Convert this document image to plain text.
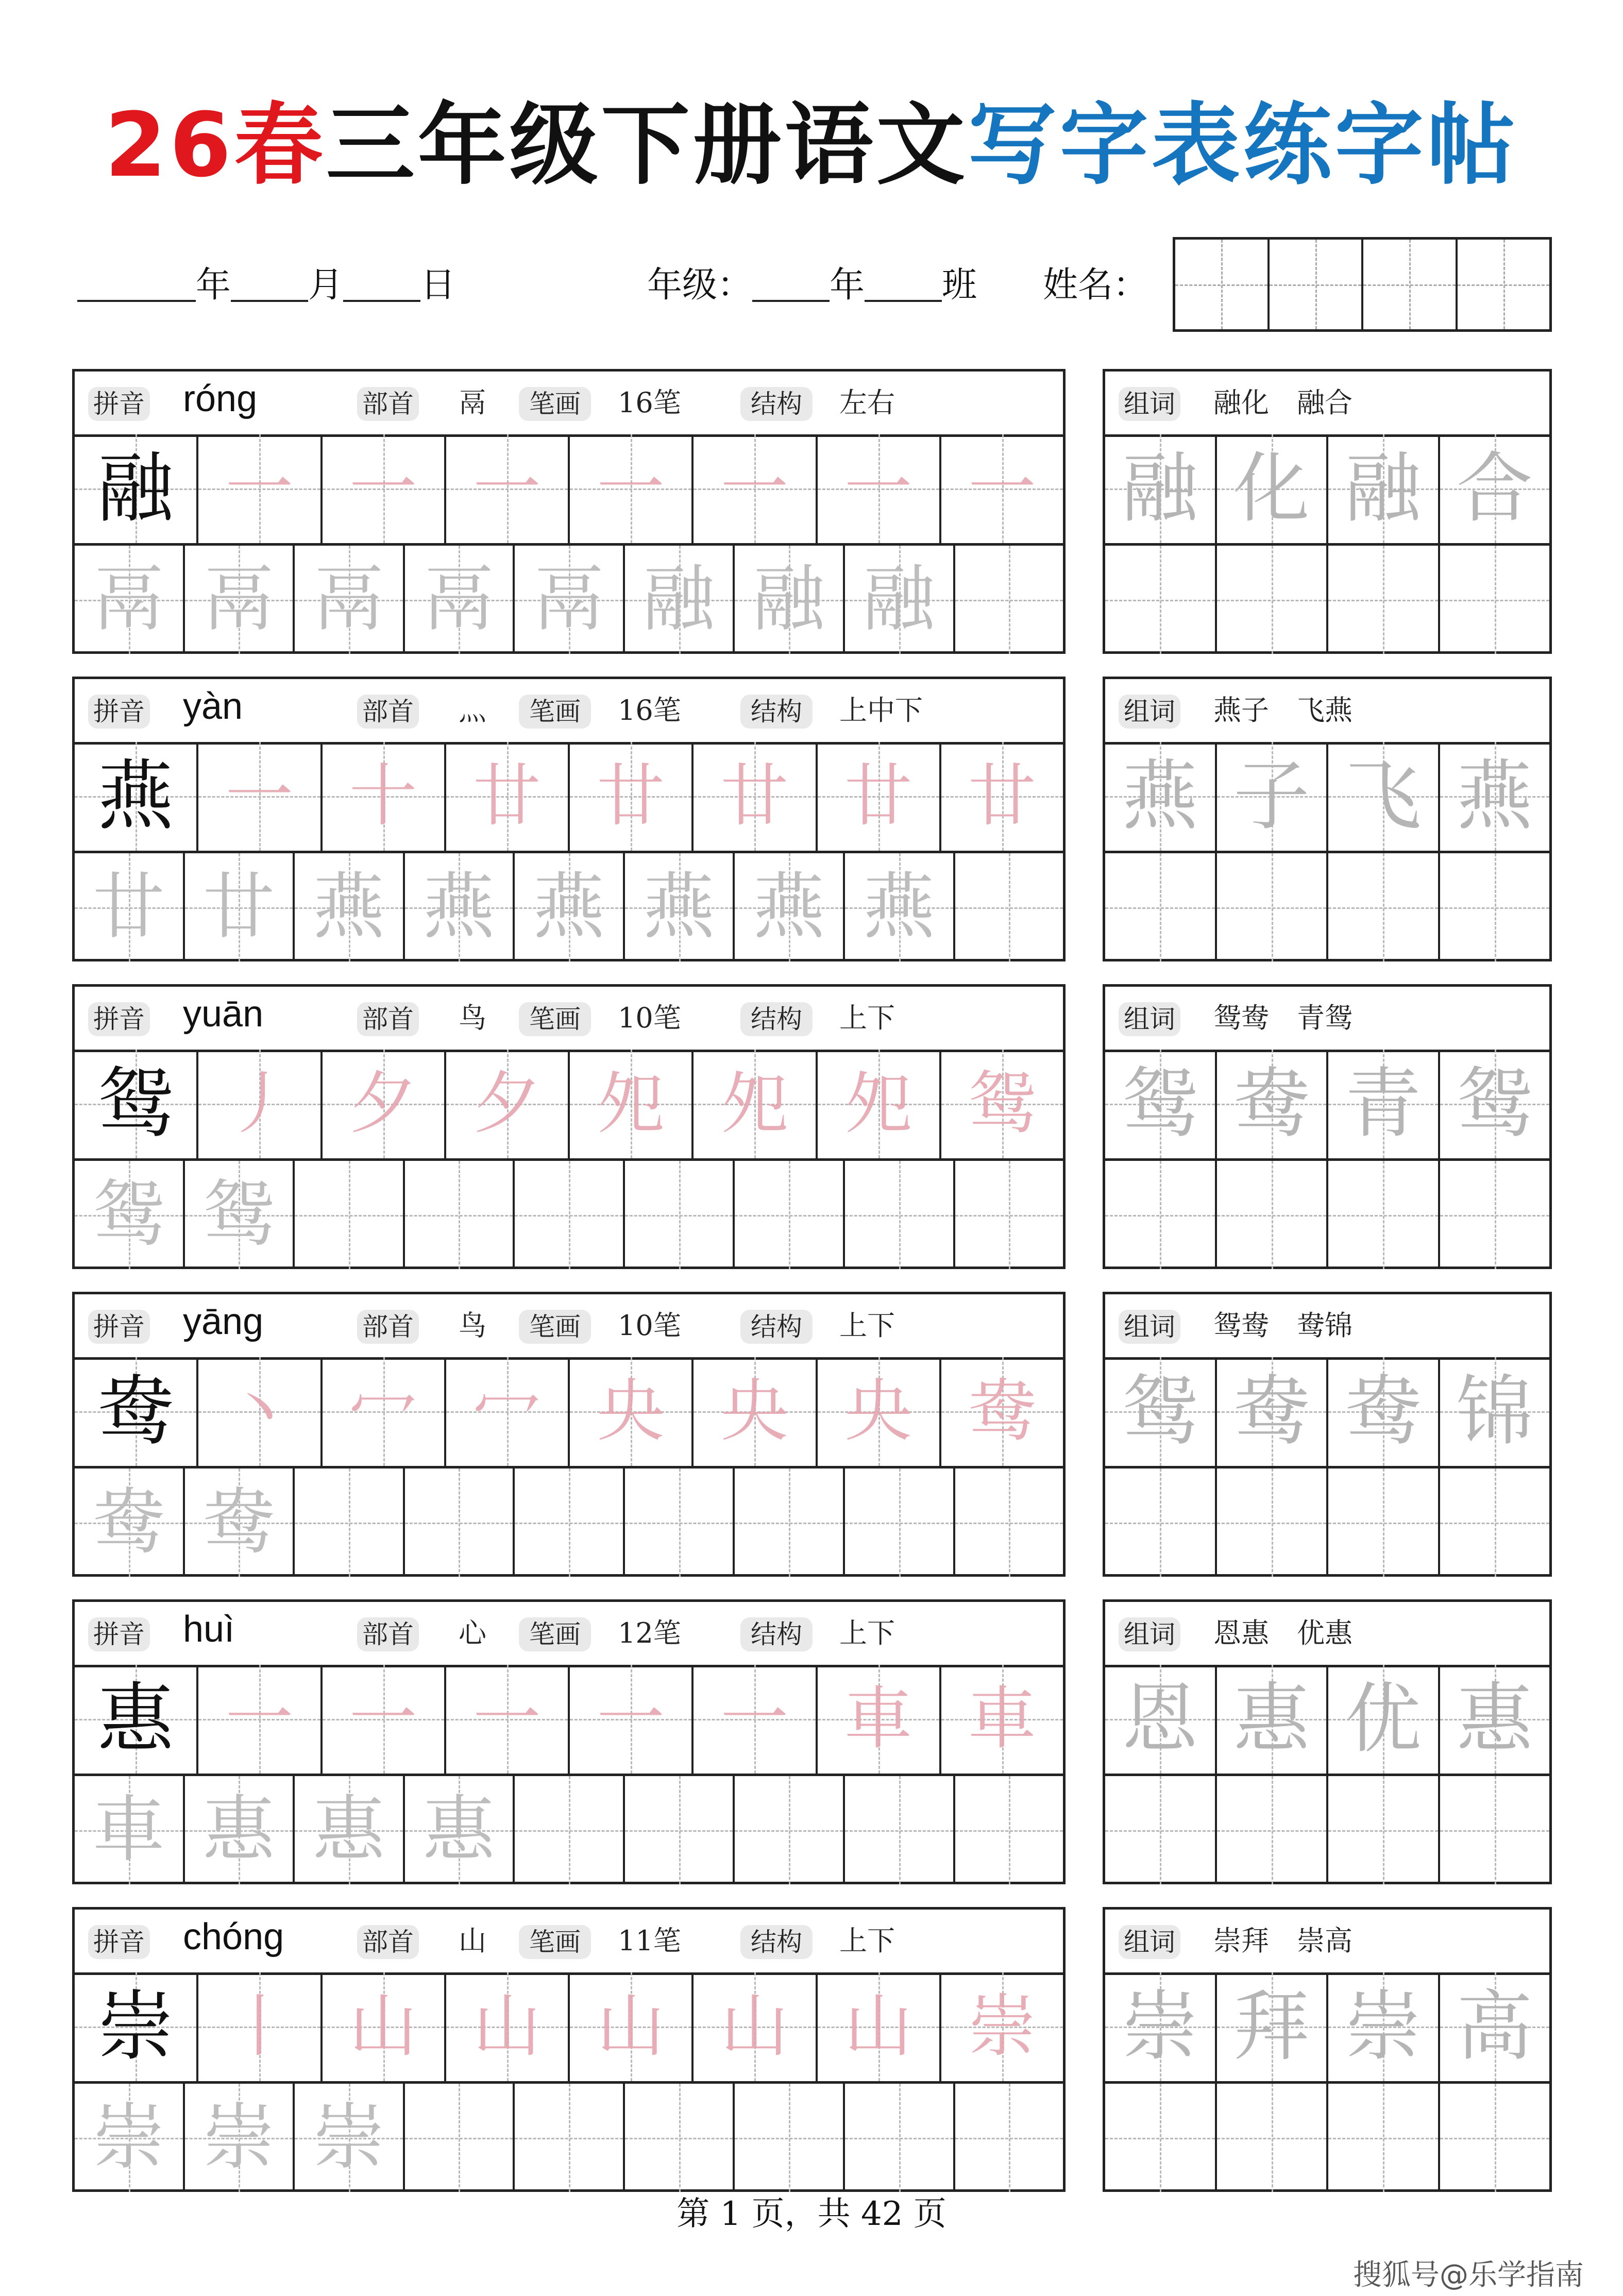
26春三年级下册语文写字表练字帖
年 月 日	年级： 年 班 姓名：
拼音 róng	部首 鬲	笔画	16笔	结构	左右
融 一 一 一 一 一 一 一
鬲 鬲 鬲 鬲 鬲 融 融 融
组词 融化　融合
融 化 融 合
拼音 yàn	部首 灬	笔画	16笔	结构	上中下
燕 一 十 廿 廿 廿 廿 廿
廿 廿 燕 燕 燕 燕 燕 燕
组词 燕子　飞燕
燕 子 飞 燕
拼音 yuān	部首 鸟	笔画	10笔	结构	上下
鸳 丿 夕 夕 夗 夗 夗 鸳
鸳 鸳
组词 鸳鸯　青鸳
鸳 鸯 青 鸳
拼音 yāng	部首 鸟	笔画	10笔	结构	上下
鸯 丶 冖 冖 央 央 央 鸯
鸯 鸯
组词 鸳鸯　鸯锦
鸳 鸯 鸯 锦
拼音 huì	部首 心	笔画	12笔	结构	上下
惠 一 一 一 一 一 車 車
車 惠 惠 惠
组词 恩惠　优惠
恩 惠 优 惠
拼音 chóng	部首 山	笔画	11笔	结构	上下
崇 丨 山 山 山 山 山 崇
崇 崇 崇
组词 崇拜　崇高
崇 拜 崇 高
第 1 页，共 42 页
搜狐号@乐学指南
